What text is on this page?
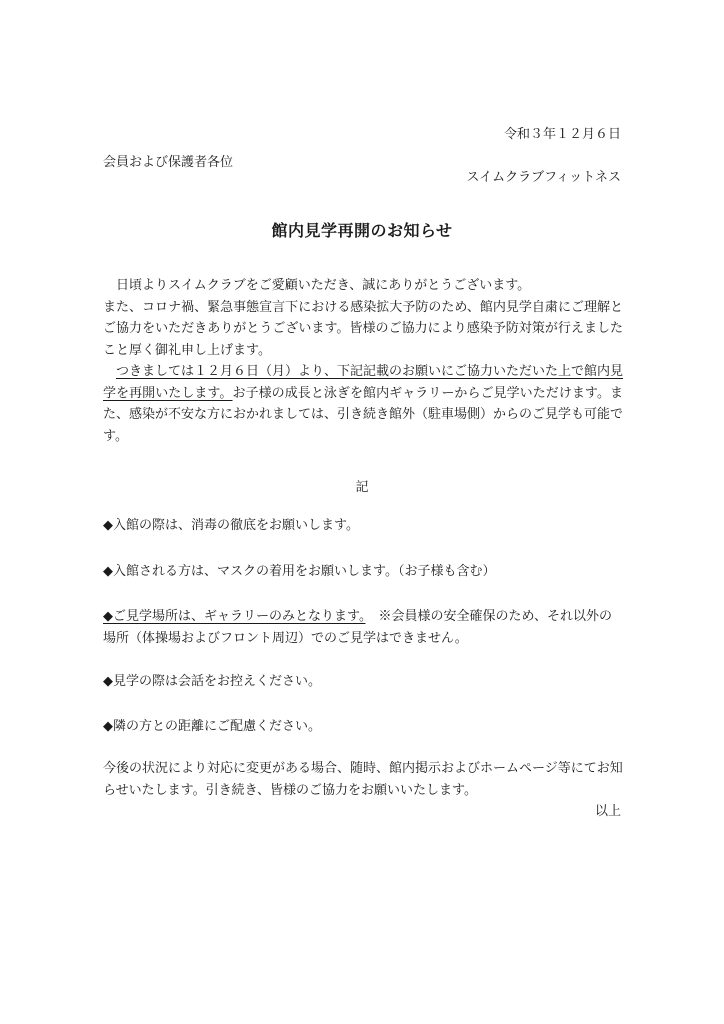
令和３年１２月６日
会員および保護者各位
スイムクラブフィットネス
館内見学再開のお知らせ

日頃よりスイムクラブをご愛顧いただき、誠にありがとうございます。

また、コロナ禍、緊急事態宣言下における感染拡大予防のため、館内見学自粛にご理解とご協力をいただきありがとうございます。皆様のご協力により感染予防対策が行えましたこと厚く御礼申し上げます。

つきましては１２月６日（月）より、下記記載のお願いにご協力いただいた上で館内見学を再開いたします。お子様の成長と泳ぎを館内ギャラリーからご見学いただけます。また、感染が不安な方におかれましては、引き続き館外（駐車場側）からのご見学も可能です。

記
◆入館の際は、消毒の徹底をお願いします。
◆入館される方は、マスクの着用をお願いします。（お子様も含む）
◆ご見学場所は、ギャラリーのみとなります。　※会員様の安全確保のため、それ以外の場所（体操場およびフロント周辺）でのご見学はできません。
◆見学の際は会話をお控えください。
◆隣の方との距離にご配慮ください。
今後の状況により対応に変更がある場合、随時、館内掲示およびホームページ等にてお知らせいたします。引き続き、皆様のご協力をお願いいたします。
以上
